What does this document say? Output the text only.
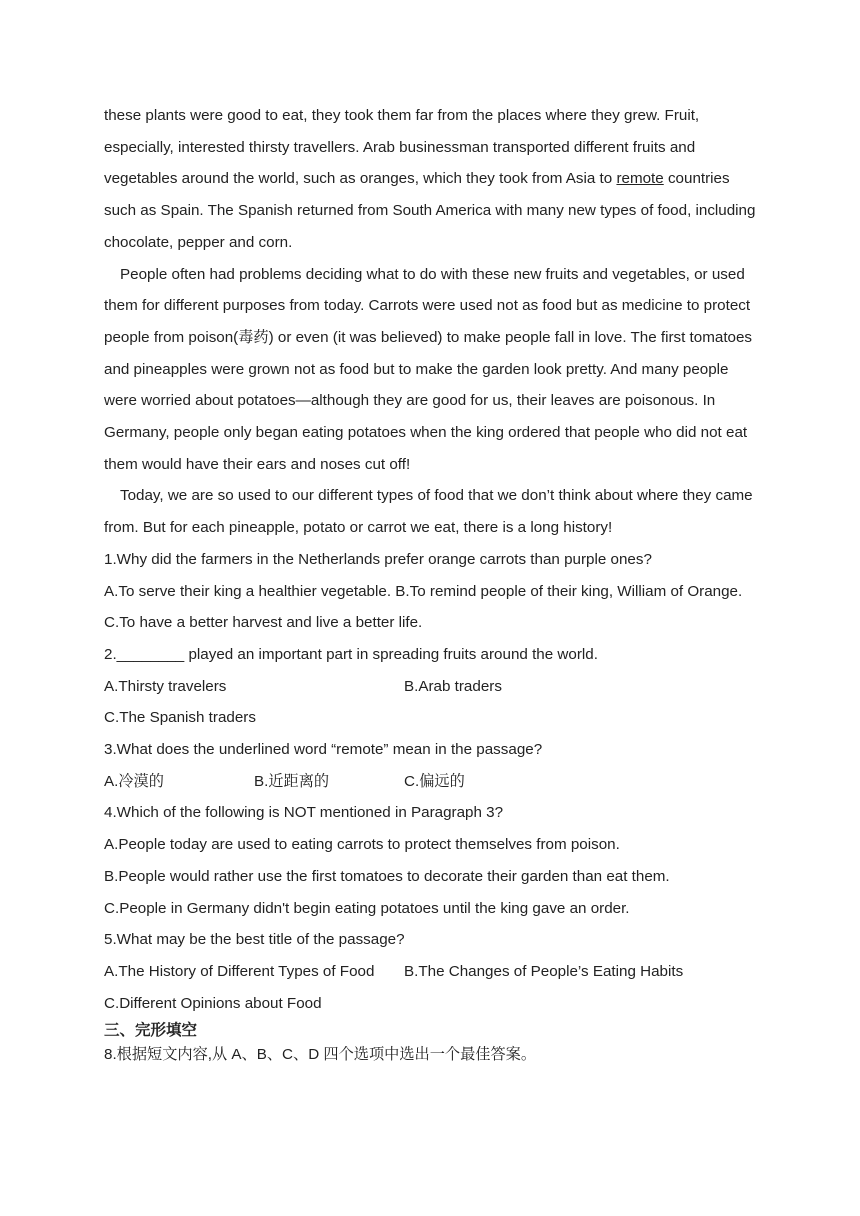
these plants were good to eat, they took them far from the places where they grew. Fruit, especially, interested thirsty travellers. Arab businessman transported different fruits and vegetables around the world, such as oranges, which they took from Asia to remote countries such as Spain. The Spanish returned from South America with many new types of food, including chocolate, pepper and corn.

People often had problems deciding what to do with these new fruits and vegetables, or used them for different purposes from today. Carrots were used not as food but as medicine to protect people from poison(毒药) or even (it was believed) to make people fall in love. The first tomatoes and pineapples were grown not as food but to make the garden look pretty. And many people were worried about potatoes—although they are good for us, their leaves are poisonous. In Germany, people only began eating potatoes when the king ordered that people who did not eat them would have their ears and noses cut off!

Today, we are so used to our different types of food that we don’t think about where they came from. But for each pineapple, potato or carrot we eat, there is a long history!

1.Why did the farmers in the Netherlands prefer orange carrots than purple ones?

A.To serve their king a healthier vegetable. B.To remind people of their king, William of Orange.

C.To have a better harvest and live a better life.

2.________ played an important part in spreading fruits around the world.

A.Thirsty travelers	B.Arab traders

C.The Spanish traders

3.What does the underlined word “remote” mean in the passage?

A.冷漠的	B.近距离的	C.偏远的

4.Which of the following is NOT mentioned in Paragraph 3?

A.People today are used to eating carrots to protect themselves from poison.

B.People would rather use the first tomatoes to decorate their garden than eat them.

C.People in Germany didn't begin eating potatoes until the king gave an order.

5.What may be the best title of the passage?

A.The History of Different Types of Food	B.The Changes of People’s Eating Habits

C.Different Opinions about Food

三、完形填空
8.根据短文内容,从 A、B、C、D 四个选项中选出一个最佳答案。
